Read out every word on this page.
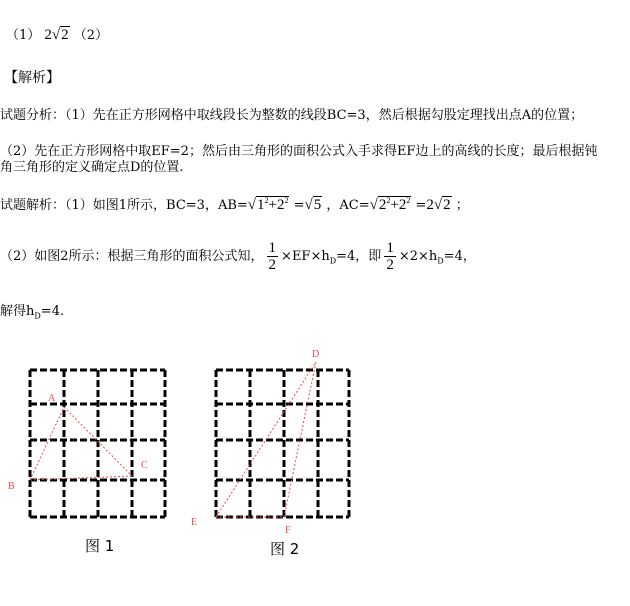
（1） 2√2 （2）
【解析】
试题分析：（1）先在正方形网格中取线段长为整数的线段BC=3，然后根据勾股定理找出点A的位置；
（2）先在正方形网格中取EF=2；然后由三角形的面积公式入手求得EF边上的高线的长度；最后根据钝
角三角形的定义确定点D的位置.
试题解析：（1）如图1所示，BC=3，$AB=√1^2+2^2 =√5$ ，$AC=√2^2+2^2 =2√2$ ；
（2）如图2所示：根据三角形的面积公式知， $\frac{1}{2} \times EF\times h_D=4$，即 $\frac{1}{2} \times 2\times h_D=4$，
解得$h_D=4$.
A
C
B
D
E
F
图 1	图 2
